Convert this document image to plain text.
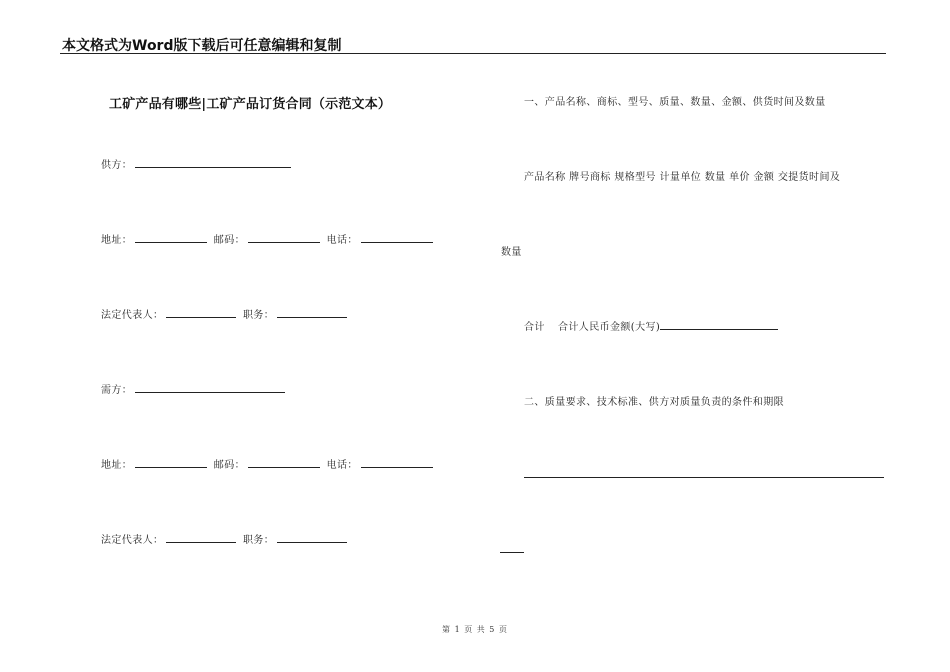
本文格式为Word版下载后可任意编辑和复制
工矿产品有哪些|工矿产品订货合同（示范文本）
供方：
地址：	邮码：	电话：
法定代表人：	职务：
需方：
地址：	邮码：	电话：
法定代表人：	职务：
一、产品名称、商标、型号、质量、数量、金额、供货时间及数量
产品名称 牌号商标 规格型号 计量单位 数量 单价 金额 交提货时间及
数量
合计 合计人民币金额(大写)
二、质量要求、技术标准、供方对质量负责的条件和期限
第 1 页 共 5 页
